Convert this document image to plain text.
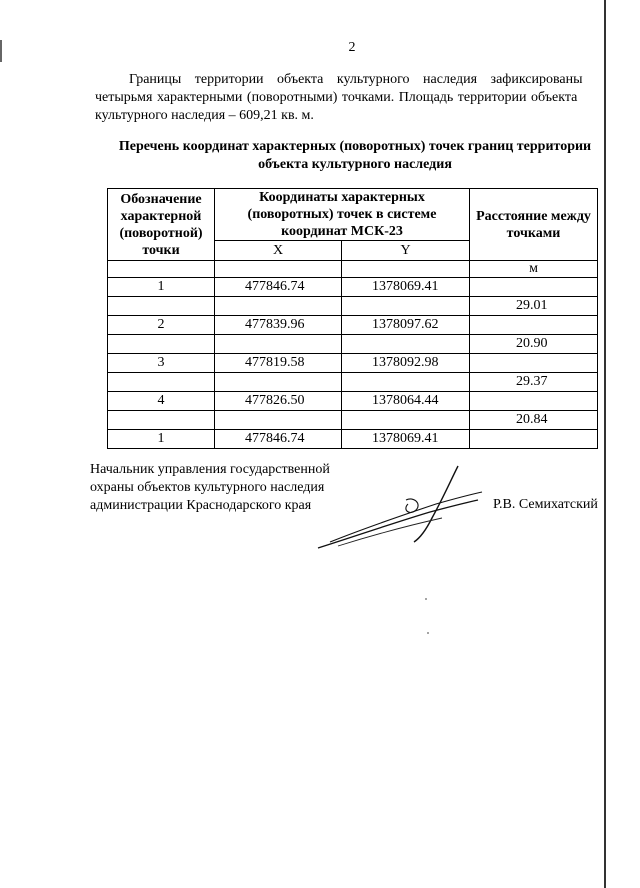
2
Границы территории объекта культурного наследия зафиксированы
четырьмя характерными (поворотными) точками. Площадь территории объекта
культурного наследия – 609,21 кв. м.
Перечень координат характерных (поворотных) точек границ территории
объекта культурного наследия
Обозначение характерной (поворотной) точки	Координаты характерных (поворотных) точек в системе координат МСК-23		Расстояние между точками
	X	Y	
			м
1	477846.74	1378069.41	
			29.01
2	477839.96	1378097.62	
			20.90
3	477819.58	1378092.98	
			29.37
4	477826.50	1378064.44	
			20.84
1	477846.74	1378069.41	
Начальник управления государственной
охраны объектов культурного наследия
администрации Краснодарского края	Р.В. Семихатский
